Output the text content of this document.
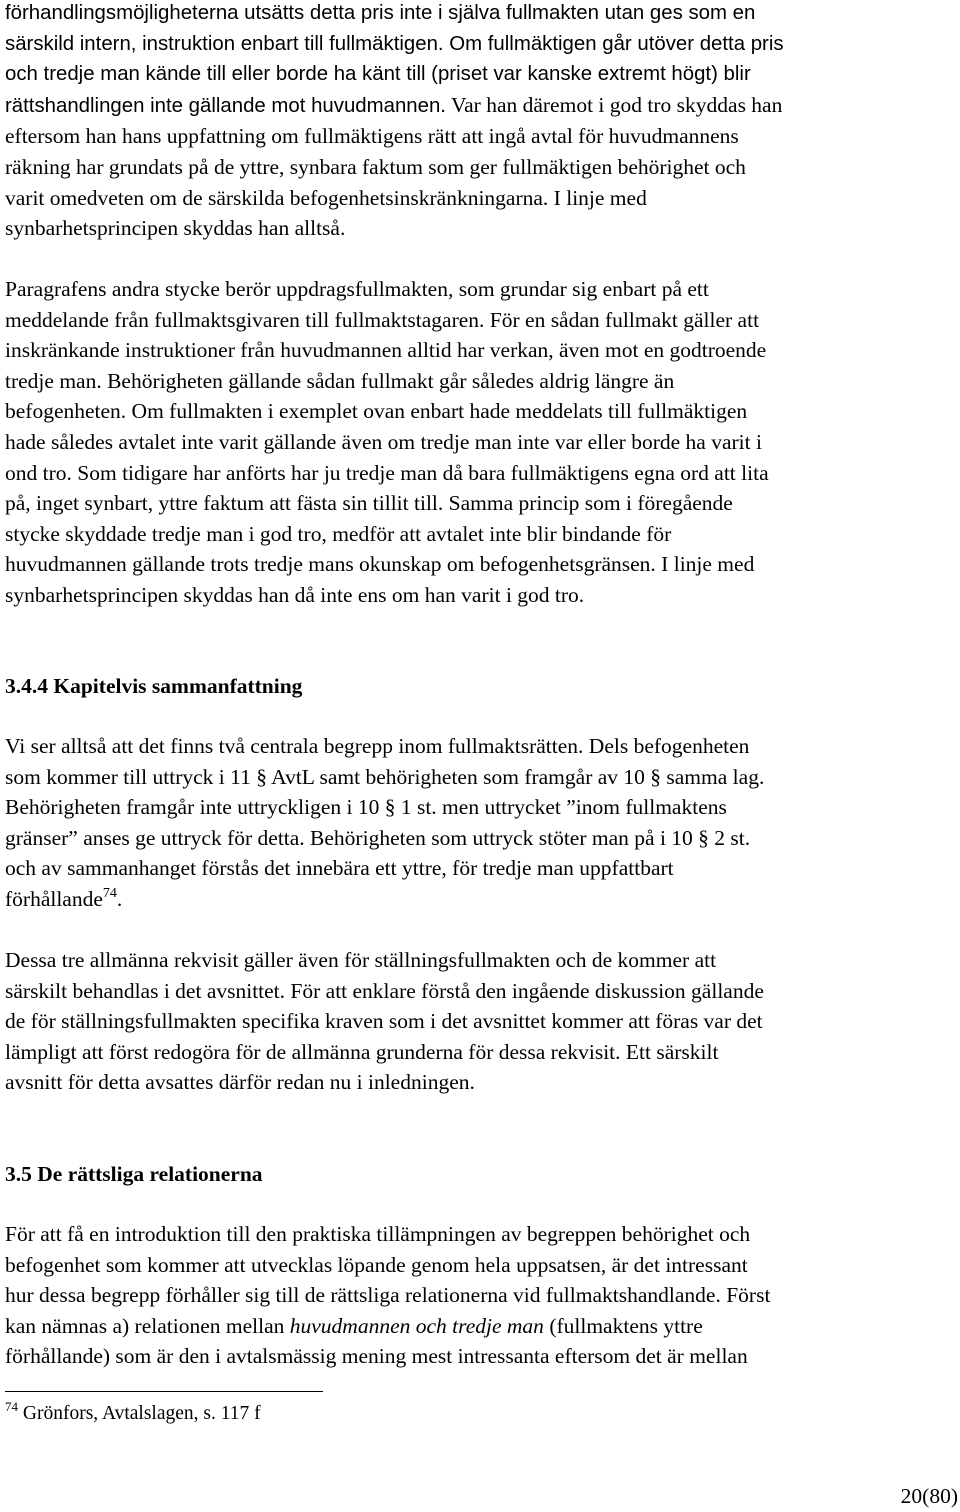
förhandlingsmöjligheterna utsätts detta pris inte i själva fullmakten utan ges som en
särskild intern, instruktion enbart till fullmäktigen. Om fullmäktigen går utöver detta pris
och tredje man kände till eller borde ha känt till (priset var kanske extremt högt) blir
rättshandlingen inte gällande mot huvudmannen. Var han däremot i god tro skyddas han
eftersom han hans uppfattning om fullmäktigens rätt att ingå avtal för huvudmannens
räkning har grundats på de yttre, synbara faktum som ger fullmäktigen behörighet och
varit omedveten om de särskilda befogenhetsinskränkningarna. I linje med
synbarhetsprincipen skyddas han alltså.

Paragrafens andra stycke berör uppdragsfullmakten, som grundar sig enbart på ett
meddelande från fullmaktsgivaren till fullmaktstagaren. För en sådan fullmakt gäller att
inskränkande instruktioner från huvudmannen alltid har verkan, även mot en godtroende
tredje man. Behörigheten gällande sådan fullmakt går således aldrig längre än
befogenheten. Om fullmakten i exemplet ovan enbart hade meddelats till fullmäktigen
hade således avtalet inte varit gällande även om tredje man inte var eller borde ha varit i
ond tro. Som tidigare har anförts har ju tredje man då bara fullmäktigens egna ord att lita
på, inget synbart, yttre faktum att fästa sin tillit till. Samma princip som i föregående
stycke skyddade tredje man i god tro, medför att avtalet inte blir bindande för
huvudmannen gällande trots tredje mans okunskap om befogenhetsgränsen. I linje med
synbarhetsprincipen skyddas han då inte ens om han varit i god tro.

3.4.4 Kapitelvis sammanfattning

Vi ser alltså att det finns två centrala begrepp inom fullmaktsrätten. Dels befogenheten
som kommer till uttryck i 11 § AvtL samt behörigheten som framgår av 10 § samma lag.
Behörigheten framgår inte uttryckligen i 10 § 1 st. men uttrycket ”inom fullmaktens
gränser” anses ge uttryck för detta. Behörigheten som uttryck stöter man på i 10 § 2 st.
och av sammanhanget förstås det innebära ett yttre, för tredje man uppfattbart
förhållande$^{74}$.

Dessa tre allmänna rekvisit gäller även för ställningsfullmakten och de kommer att
särskilt behandlas i det avsnittet. För att enklare förstå den ingående diskussion gällande
de för ställningsfullmakten specifika kraven som i det avsnittet kommer att föras var det
lämpligt att först redogöra för de allmänna grunderna för dessa rekvisit. Ett särskilt
avsnitt för detta avsattes därför redan nu i inledningen.

3.5 De rättsliga relationerna

För att få en introduktion till den praktiska tillämpningen av begreppen behörighet och
befogenhet som kommer att utvecklas löpande genom hela uppsatsen, är det intressant
hur dessa begrepp förhåller sig till de rättsliga relationerna vid fullmaktshandlande. Först
kan nämnas a) relationen mellan huvudmannen och tredje man (fullmaktens yttre
förhållande) som är den i avtalsmässig mening mest intressanta eftersom det är mellan

$^{74}$ Grönfors, Avtalslagen, s. 117 f
20(80)
